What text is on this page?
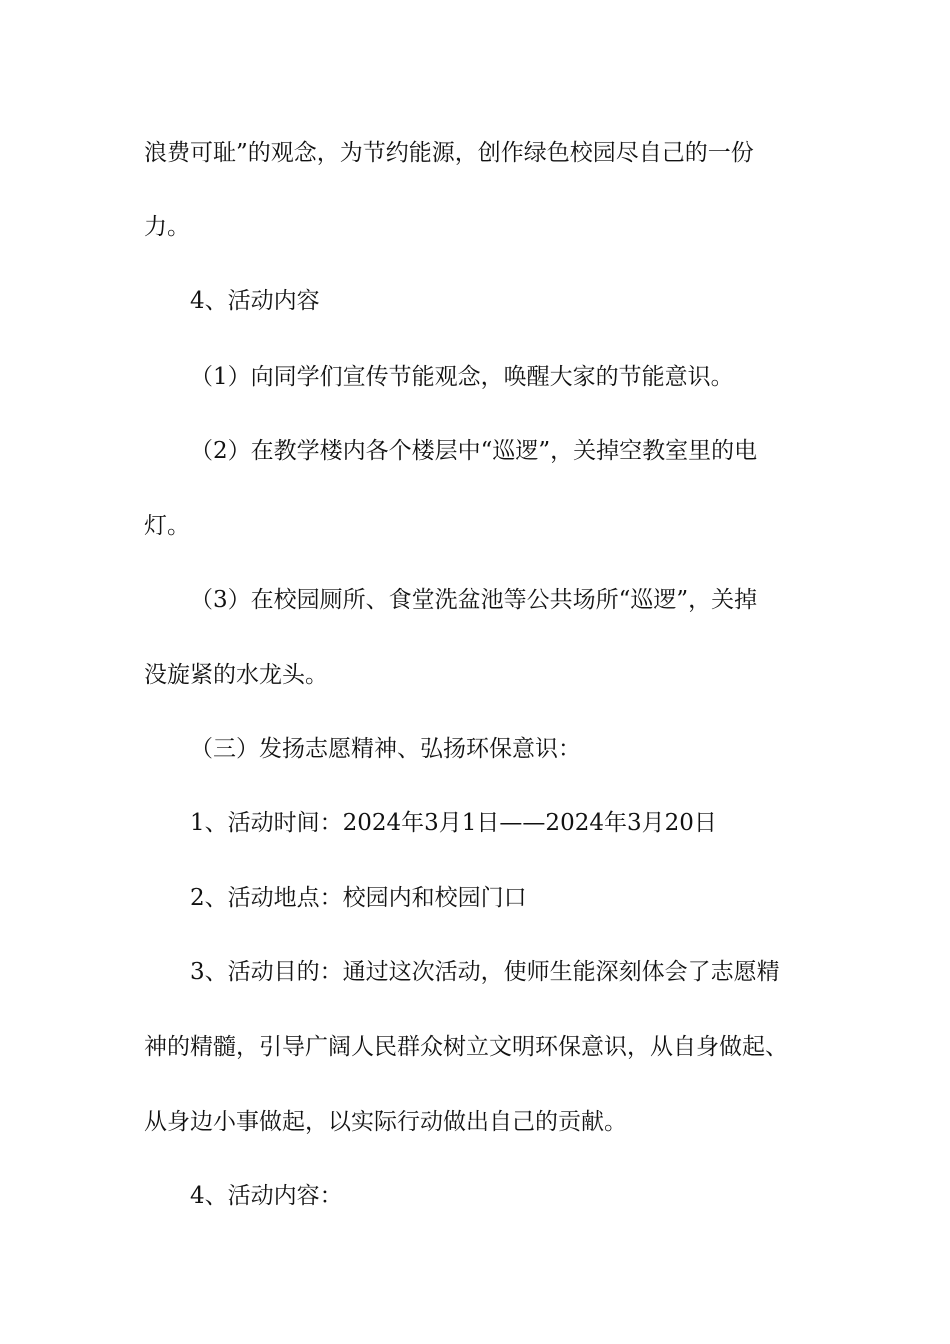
浪费可耻”的观念，为节约能源，创作绿色校园尽自己的一份
力。
4、活动内容
（1）向同学们宣传节能观念，唤醒大家的节能意识。
（2）在教学楼内各个楼层中“巡逻”，关掉空教室里的电
灯。
（3）在校园厕所、食堂洗盆池等公共场所“巡逻”，关掉
没旋紧的水龙头。
（三）发扬志愿精神、弘扬环保意识：
1、活动时间：2024年3月1日——2024年3月20日
2、活动地点：校园内和校园门口
3、活动目的：通过这次活动，使师生能深刻体会了志愿精
神的精髓，引导广阔人民群众树立文明环保意识，从自身做起、
从身边小事做起，以实际行动做出自己的贡献。
4、活动内容：
